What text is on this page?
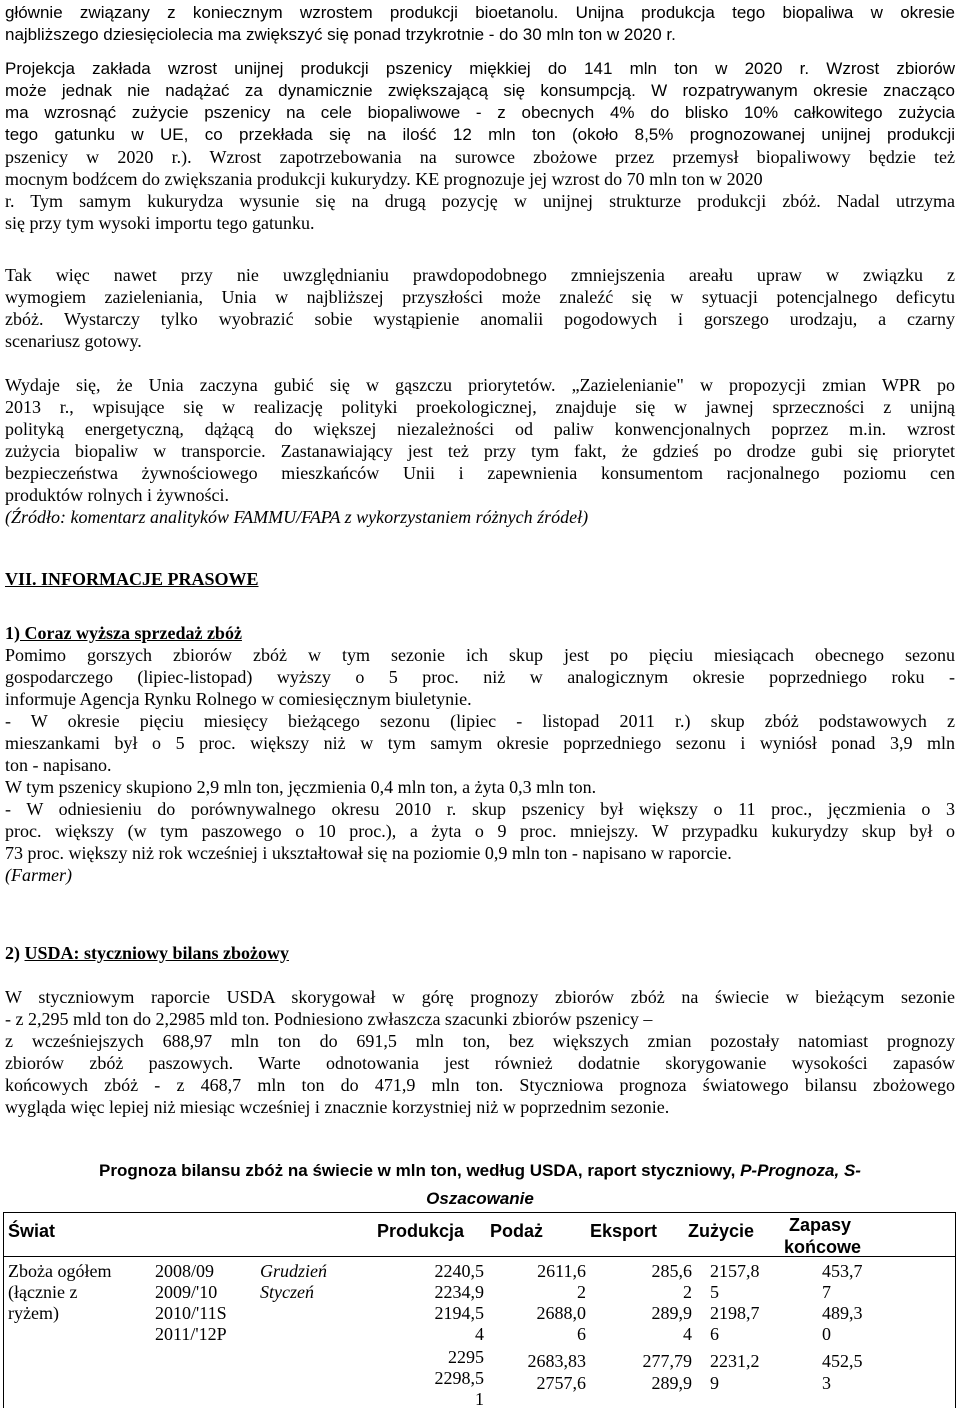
głównie związany z koniecznym wzrostem produkcji bioetanolu. Unijna produkcja tego biopaliwa w okresie
najbliższego dziesięciolecia ma zwiększyć się ponad trzykrotnie - do 30 mln ton w 2020 r.
Projekcja zakłada wzrost unijnej produkcji pszenicy miękkiej do 141 mln ton w 2020 r. Wzrost zbiorów
może jednak nie nadążać za dynamicznie zwiększającą się konsumpcją. W rozpatrywanym okresie znacząco
ma wzrosnąć zużycie pszenicy na cele biopaliwowe - z obecnych 4% do blisko 10% całkowitego zużycia
tego gatunku w UE, co przekłada się na ilość 12 mln ton (około 8,5% prognozowanej unijnej produkcji
pszenicy w 2020 r.). Wzrost zapotrzebowania na surowce zbożowe przez przemysł biopaliwowy będzie też
mocnym bodźcem do zwiększania produkcji kukurydzy. KE prognozuje jej wzrost do 70 mln ton w 2020
r. Tym samym kukurydza wysunie się na drugą pozycję w unijnej strukturze produkcji zbóż. Nadal utrzyma
się przy tym wysoki importu tego gatunku.
Tak więc nawet przy nie uwzględnianiu prawdopodobnego zmniejszenia areału upraw w związku z
wymogiem zazieleniania, Unia w najbliższej przyszłości może znaleźć się w sytuacji potencjalnego deficytu
zbóż. Wystarczy tylko wyobrazić sobie wystąpienie anomalii pogodowych i gorszego urodzaju, a czarny
scenariusz gotowy.
Wydaje się, że Unia zaczyna gubić się w gąszczu priorytetów. „Zazielenianie" w propozycji zmian WPR po
2013 r., wpisujące się w realizację polityki proekologicznej, znajduje się w jawnej sprzeczności z unijną
polityką energetyczną, dążącą do większej niezależności od paliw konwencjonalnych poprzez m.in. wzrost
zużycia biopaliw w transporcie. Zastanawiający jest też przy tym fakt, że gdzieś po drodze gubi się priorytet
bezpieczeństwa żywnościowego mieszkańców Unii i zapewnienia konsumentom racjonalnego poziomu cen
produktów rolnych i żywności.
(Źródło: komentarz analityków FAMMU/FAPA z wykorzystaniem różnych źródeł)
VII. INFORMACJE PRASOWE
1) Coraz wyższa sprzedaż zbóż
Pomimo gorszych zbiorów zbóż w tym sezonie ich skup jest po pięciu miesiącach obecnego sezonu
gospodarczego (lipiec-listopad) wyższy o 5 proc. niż w analogicznym okresie poprzedniego roku -
informuje Agencja Rynku Rolnego w comiesięcznym biuletynie.
- W okresie pięciu miesięcy bieżącego sezonu (lipiec - listopad 2011 r.) skup zbóż podstawowych z
mieszankami był o 5 proc. większy niż w tym samym okresie poprzedniego sezonu i wyniósł ponad 3,9 mln
ton - napisano.
W tym pszenicy skupiono 2,9 mln ton, jęczmienia 0,4 mln ton, a żyta 0,3 mln ton.
- W odniesieniu do porównywalnego okresu 2010 r. skup pszenicy był większy o 11 proc., jęczmienia o 3
proc. większy (w tym paszowego o 10 proc.), a żyta o 9 proc. mniejszy. W przypadku kukurydzy skup był o
73 proc. większy niż rok wcześniej i ukształtował się na poziomie 0,9 mln ton - napisano w raporcie.
(Farmer)
2) USDA: styczniowy bilans zbożowy
W styczniowym raporcie USDA skorygował w górę prognozy zbiorów zbóż na świecie w bieżącym sezonie
- z 2,295 mld ton do 2,2985 mld ton. Podniesiono zwłaszcza szacunki zbiorów pszenicy –
z wcześniejszych 688,97 mln ton do 691,5 mln ton, bez większych zmian pozostały natomiast prognozy
zbiorów zbóż paszowych. Warte odnotowania jest również dodatnie skorygowanie wysokości zapasów
końcowych zbóż - z 468,7 mln ton do 471,9 mln ton. Styczniowa prognoza światowego bilansu zbożowego
wygląda więc lepiej niż miesiąc wcześniej i znacznie korzystniej niż w poprzednim sezonie.
Prognoza bilansu zbóż na świecie w mln ton, według USDA, raport styczniowy, P-Prognoza, S-
Oszacowanie
Świat	Produkcja Podaż	Eksport Zużycie Zapasy
końcowe
Zboża ogółem
(łącznie z
ryżem)
2008/09
2009/'10
2010/'11S
2011/'12P
Grudzień
Styczeń
2240,5
2234,9
2194,5
4
2295
2298,5
1
2611,6
2
2688,0
6
2683,83
2757,6
285,6
2
289,9
4
277,79
289,9
2157,8
5
2198,7
6
2231,2
9
453,7
7
489,3
0
452,5
3
